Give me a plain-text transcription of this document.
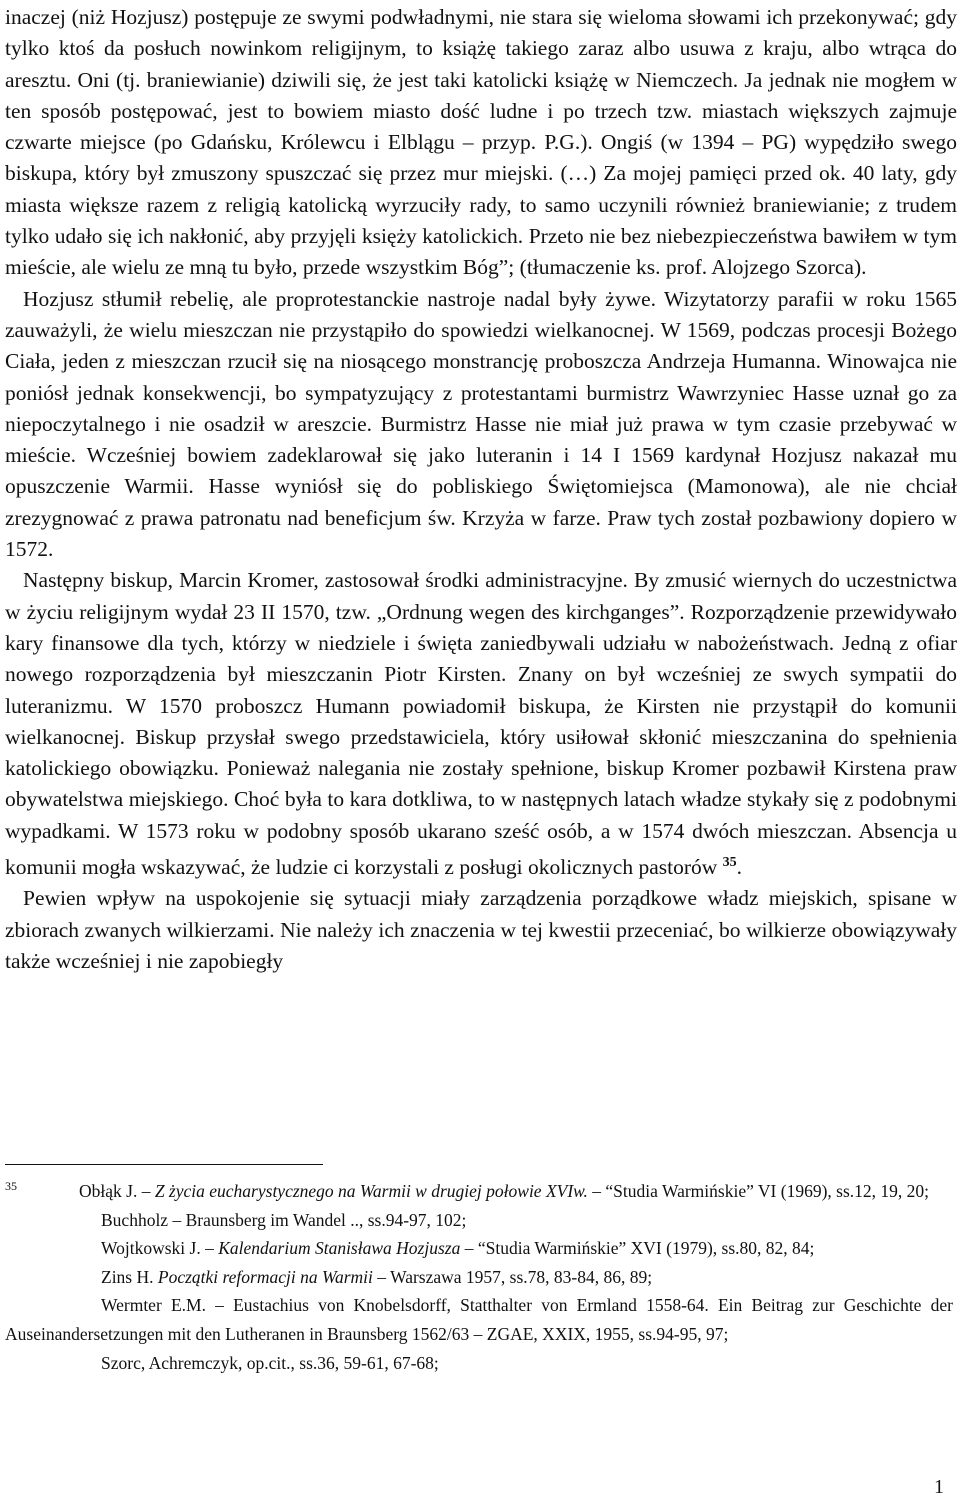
inaczej (niż Hozjusz) postępuje ze swymi podwładnymi, nie stara się wieloma słowami ich przekonywać; gdy tylko ktoś da posłuch nowinkom religijnym, to książę takiego zaraz albo usuwa z kraju, albo wtrąca do aresztu. Oni (tj. braniewianie) dziwili się, że jest taki katolicki książę w Niemczech. Ja jednak nie mogłem w ten sposób postępować, jest to bowiem miasto dość ludne i po trzech tzw. miastach większych zajmuje czwarte miejsce (po Gdańsku, Królewcu i Elblągu – przyp. P.G.). Ongiś (w 1394 – PG) wypędziło swego biskupa, który był zmuszony spuszczać się przez mur miejski. (…) Za mojej pamięci przed ok. 40 laty, gdy miasta większe razem z religią katolicką wyrzuciły rady, to samo uczynili również braniewianie; z trudem tylko udało się ich nakłonić, aby przyjęli księży katolickich. Przeto nie bez niebezpieczeństwa bawiłem w tym mieście, ale wielu ze mną tu było, przede wszystkim Bóg”; (tłumaczenie ks. prof. Alojzego Szorca).

Hozjusz stłumił rebelię, ale proprotestanckie nastroje nadal były żywe. Wizytatorzy parafii w roku 1565 zauważyli, że wielu mieszczan nie przystąpiło do spowiedzi wielkanocnej. W 1569, podczas procesji Bożego Ciała, jeden z mieszczan rzucił się na niosącego monstrancję proboszcza Andrzeja Humanna. Winowajca nie poniósł jednak konsekwencji, bo sympatyzujący z protestantami burmistrz Wawrzyniec Hasse uznał go za niepoczytalnego i nie osadził w areszcie. Burmistrz Hasse nie miał już prawa w tym czasie przebywać w mieście. Wcześniej bowiem zadeklarował się jako luteranin i 14 I 1569 kardynał Hozjusz nakazał mu opuszczenie Warmii. Hasse wyniósł się do pobliskiego Świętomiejsca (Mamonowa), ale nie chciał zrezygnować z prawa patronatu nad beneficjum św. Krzyża w farze. Praw tych został pozbawiony dopiero w 1572.

Następny biskup, Marcin Kromer, zastosował środki administracyjne. By zmusić wiernych do uczestnictwa w życiu religijnym wydał 23 II 1570, tzw. „Ordnung wegen des kirchganges”. Rozporządzenie przewidywało kary finansowe dla tych, którzy w niedziele i święta zaniedbywali udziału w nabożeństwach. Jedną z ofiar nowego rozporządzenia był mieszczanin Piotr Kirsten. Znany on był wcześniej ze swych sympatii do luteranizmu. W 1570 proboszcz Humann powiadomił biskupa, że Kirsten nie przystąpił do komunii wielkanocnej. Biskup przysłał swego przedstawiciela, który usiłował skłonić mieszczanina do spełnienia katolickiego obowiązku. Ponieważ nalegania nie zostały spełnione, biskup Kromer pozbawił Kirstena praw obywatelstwa miejskiego. Choć była to kara dotkliwa, to w następnych latach władze stykały się z podobnymi wypadkami. W 1573 roku w podobny sposób ukarano sześć osób, a w 1574 dwóch mieszczan. Absencja u komunii mogła wskazywać, że ludzie ci korzystali z posługi okolicznych pastorów $^{35}$.

Pewien wpływ na uspokojenie się sytuacji miały zarządzenia porządkowe władz miejskich, spisane w zbiorach zwanych wilkierzami. Nie należy ich znaczenia w tej kwestii przeceniać, bo wilkierze obowiązywały także wcześniej i nie zapobiegły

$^{35}$	Obłąk J. – Z życia eucharystycznego na Warmii w drugiej połowie XVIw. – “Studia Warmińskie” VI (1969), ss.12, 19, 20;

Buchholz – Braunsberg im Wandel .., ss.94-97, 102;

Wojtkowski J. – Kalendarium Stanisława Hozjusza – “Studia Warmińskie” XVI (1979), ss.80, 82, 84;

Zins H. Początki reformacji na Warmii – Warszawa 1957, ss.78, 83-84, 86, 89;

Wermter E.M. – Eustachius von Knobelsdorff, Statthalter von Ermland 1558-64. Ein Beitrag zur Geschichte der Auseinandersetzungen mit den Lutheranen in Braunsberg 1562/63 – ZGAE, XXIX, 1955, ss.94-95, 97;

Szorc, Achremczyk, op.cit., ss.36, 59-61, 67-68;

1
